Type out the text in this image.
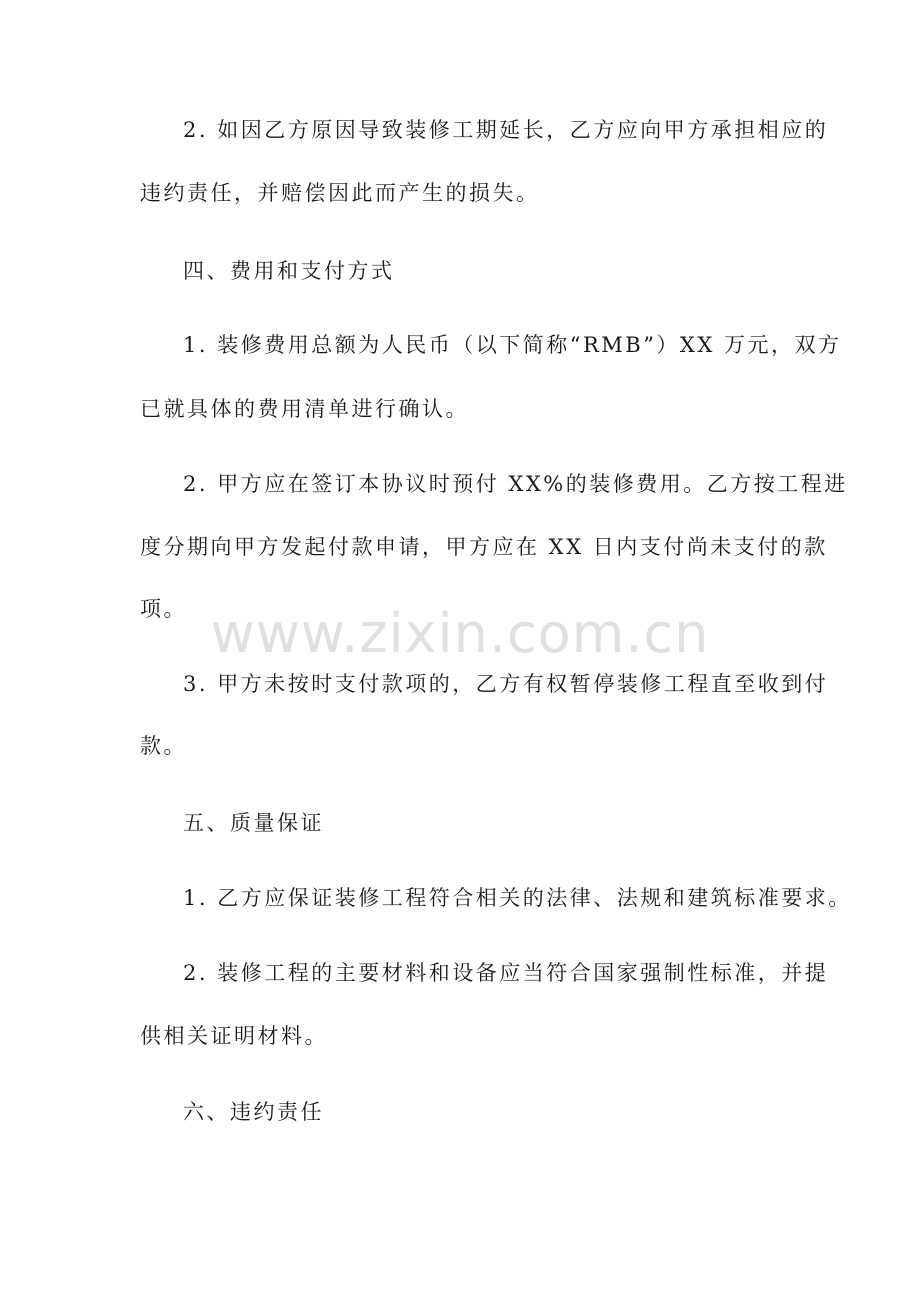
2. 如因乙方原因导致装修工期延长，乙方应向甲方承担相应的
违约责任，并赔偿因此而产生的损失。
四、费用和支付方式
1. 装修费用总额为人民币（以下简称“RMB”）XX 万元，双方
已就具体的费用清单进行确认。
2. 甲方应在签订本协议时预付 XX%的装修费用。乙方按工程进
度分期向甲方发起付款申请，甲方应在 XX 日内支付尚未支付的款
项。
3. 甲方未按时支付款项的，乙方有权暂停装修工程直至收到付
款。
五、质量保证
1. 乙方应保证装修工程符合相关的法律、法规和建筑标准要求。
2. 装修工程的主要材料和设备应当符合国家强制性标准，并提
供相关证明材料。
六、违约责任
www.zixin.com.cn
